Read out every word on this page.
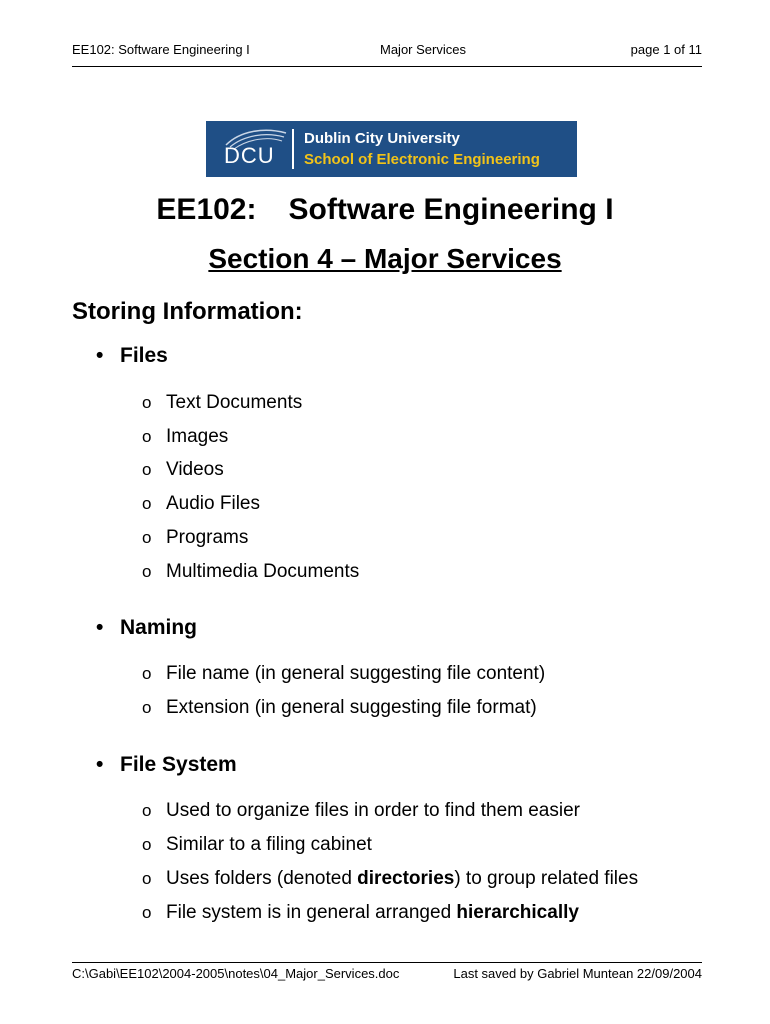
EE102: Software Engineering I	Major Services	page 1 of 11
DCU
Dublin City University
School of Electronic Engineering
EE102: Software Engineering I
Section 4 – Major Services
Storing Information:
• Files
o Text Documents
o Images
o Videos
o Audio Files
o Programs
o Multimedia Documents
• Naming
o File name (in general suggesting file content)
o Extension (in general suggesting file format)
• File System
o Used to organize files in order to find them easier
o Similar to a filing cabinet
o Uses folders (denoted directories) to group related files
o File system is in general arranged hierarchically
C:\Gabi\EE102\2004-2005\notes\04_Major_Services.doc	Last saved by Gabriel Muntean 22/09/2004
